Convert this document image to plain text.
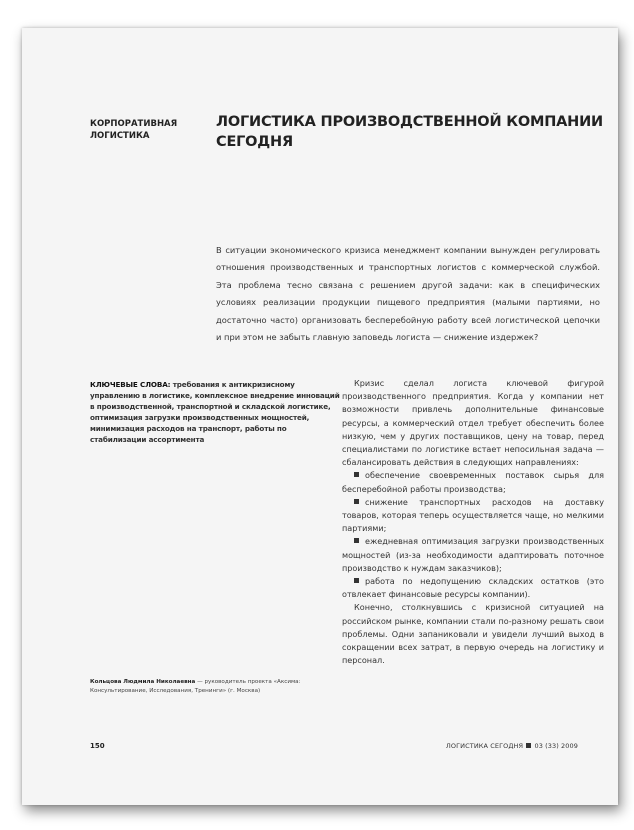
КОРПОРАТИВНАЯ
ЛОГИСТИКА
ЛОГИСТИКА ПРОИЗВОДСТВЕННОЙ КОМПАНИИ
СЕГОДНЯ
В ситуации экономического кризиса менеджмент компании вынужден регулировать отношения производственных и транспортных логистов с коммерческой службой. Эта проблема тесно связана с решением другой задачи: как в специфических условиях реализации продукции пищевого предприятия (малыми партиями, но достаточно часто) организовать бесперебойную работу всей логистической цепочки и при этом не забыть главную заповедь логиста — снижение издержек?
КЛЮЧЕВЫЕ СЛОВА: требования к антикризисному управлению в логистике, комплексное внедрение инноваций в производственной, транспортной и складской логистике, оптимизация загрузки производственных мощностей, минимизация расходов на транспорт, работы по стабилизации ассортимента

Кризис сделал логиста ключевой фигурой производственного предприятия. Когда у компании нет возможности привлечь дополнительные финансовые ресурсы, а коммерческий отдел требует обеспечить более низкую, чем у других поставщиков, цену на товар, перед специалистами по логистике встает непосильная задача — сбалансировать действия в следующих направлениях:

обеспечение своевременных поставок сырья для бесперебойной работы производства;

снижение транспортных расходов на доставку товаров, которая теперь осуществляется чаще, но мелкими партиями;

ежедневная оптимизация загрузки производственных мощностей (из-за необходимости адаптировать поточное производство к нуждам заказчиков);

работа по недопущению складских остатков (это отвлекает финансовые ресурсы компании).

Конечно, столкнувшись с кризисной ситуацией на российском рынке, компании стали по-разному решать свои проблемы. Одни запаниковали и увидели лучший выход в сокращении всех затрат, в первую очередь на логистику и персонал.

Кольцова Людмила Николаевна — руководитель проекта «Аксима: Консультирование, Исследования, Тренинги» (г. Москва)
150	ЛОГИСТИКА СЕГОДНЯ 03 (33) 2009
